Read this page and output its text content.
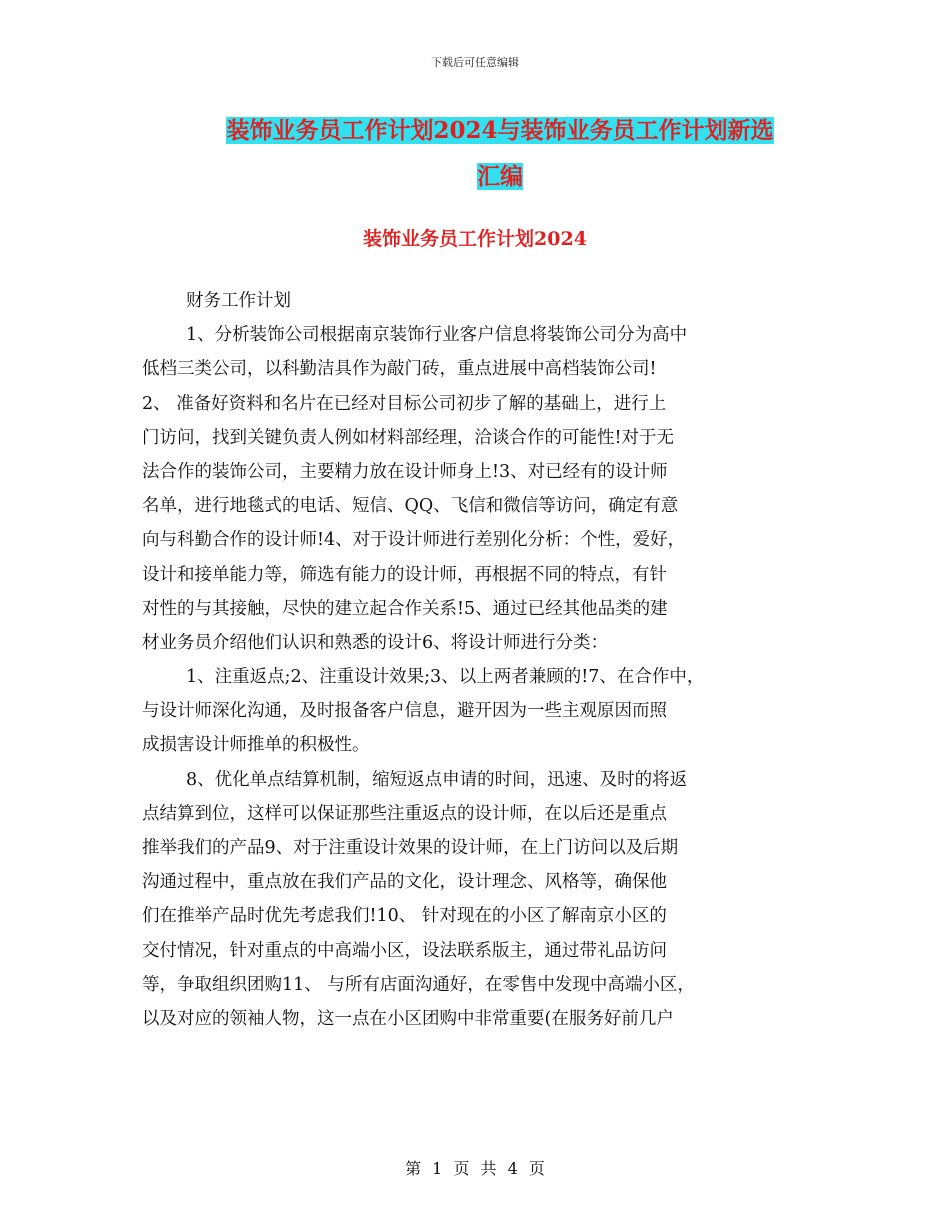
下载后可任意编辑
装饰业务员工作计划2024与装饰业务员工作计划新选
汇编
装饰业务员工作计划2024
财务工作计划
1、分析装饰公司根据南京装饰行业客户信息将装饰公司分为高中
低档三类公司，以科勤洁具作为敲门砖，重点进展中高档装饰公司!
2、 准备好资料和名片在已经对目标公司初步了解的基础上，进行上
门访问，找到关键负责人例如材料部经理，洽谈合作的可能性!对于无
法合作的装饰公司，主要精力放在设计师身上!3、对已经有的设计师
名单，进行地毯式的电话、短信、QQ、飞信和微信等访问，确定有意
向与科勤合作的设计师!4、对于设计师进行差别化分析：个性，爱好，
设计和接单能力等，筛选有能力的设计师，再根据不同的特点，有针
对性的与其接触，尽快的建立起合作关系!5、通过已经其他品类的建
材业务员介绍他们认识和熟悉的设计6、将设计师进行分类：
1、注重返点;2、注重设计效果;3、以上两者兼顾的!7、在合作中，
与设计师深化沟通，及时报备客户信息，避开因为一些主观原因而照
成损害设计师推单的积极性。
8、优化单点结算机制，缩短返点申请的时间，迅速、及时的将返
点结算到位，这样可以保证那些注重返点的设计师，在以后还是重点
推举我们的产品9、对于注重设计效果的设计师，在上门访问以及后期
沟通过程中，重点放在我们产品的文化，设计理念、风格等，确保他
们在推举产品时优先考虑我们!10、 针对现在的小区了解南京小区的
交付情况，针对重点的中高端小区，设法联系版主，通过带礼品访问
等，争取组织团购11、 与所有店面沟通好，在零售中发现中高端小区，
以及对应的领袖人物，这一点在小区团购中非常重要(在服务好前几户
第 1 页 共 4 页
